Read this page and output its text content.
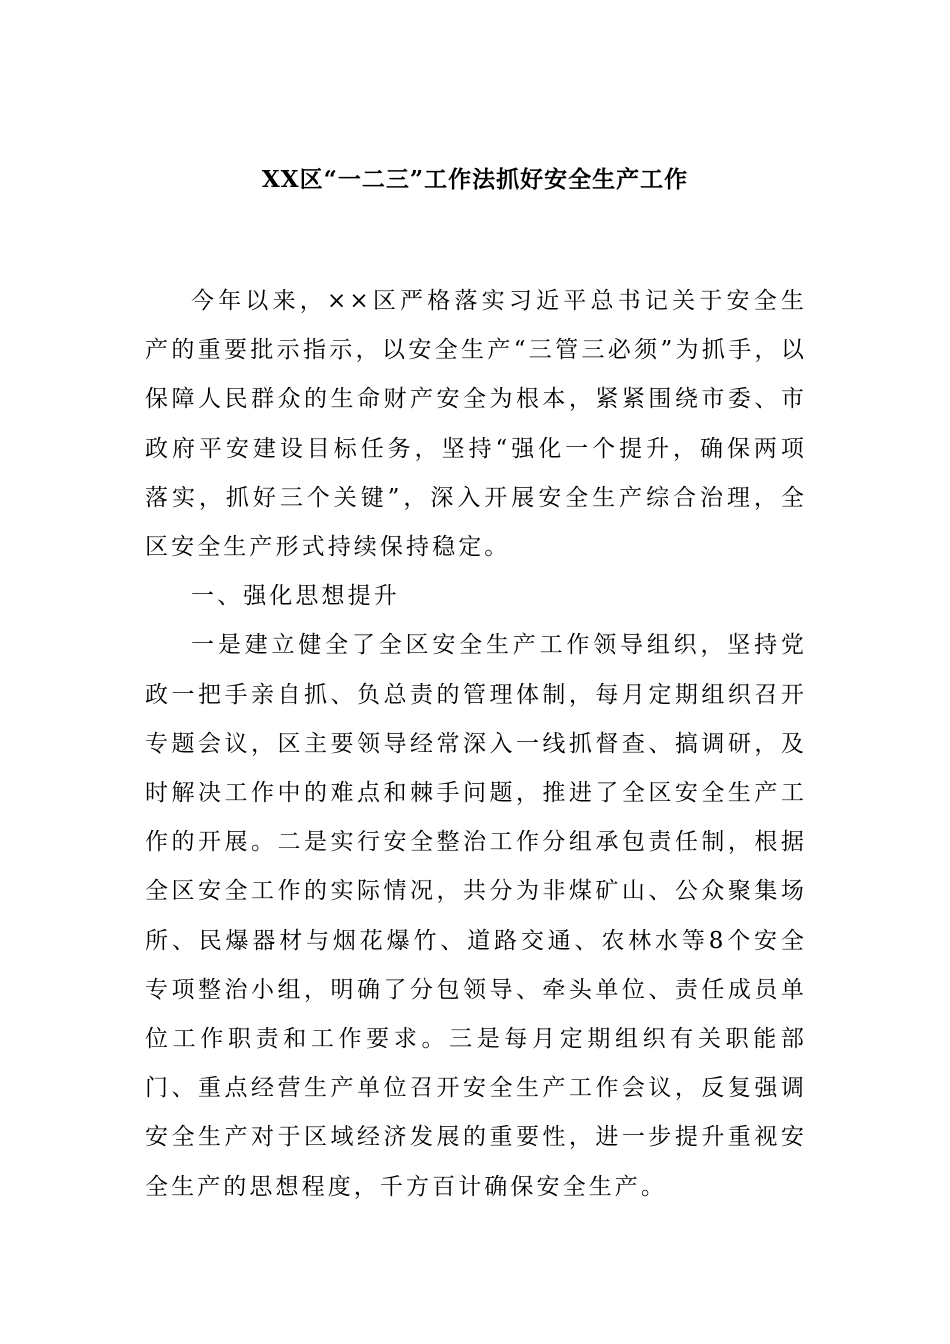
XX区“一二三”工作法抓好安全生产工作

今年以来，××区严格落实习近平总书记关于安全生产的重要批示指示，以安全生产“三管三必须”为抓手，以保障人民群众的生命财产安全为根本，紧紧围绕市委、市政府平安建设目标任务，坚持“强化一个提升，确保两项落实，抓好三个关键”，深入开展安全生产综合治理，全区安全生产形式持续保持稳定。

一、强化思想提升

一是建立健全了全区安全生产工作领导组织，坚持党政一把手亲自抓、负总责的管理体制，每月定期组织召开专题会议，区主要领导经常深入一线抓督查、搞调研，及时解决工作中的难点和棘手问题，推进了全区安全生产工作的开展。二是实行安全整治工作分组承包责任制，根据全区安全工作的实际情况，共分为非煤矿山、公众聚集场所、民爆器材与烟花爆竹、道路交通、农林水等8个安全专项整治小组，明确了分包领导、牵头单位、责任成员单位工作职责和工作要求。三是每月定期组织有关职能部门、重点经营生产单位召开安全生产工作会议，反复强调安全生产对于区域经济发展的重要性，进一步提升重视安全生产的思想程度，千方百计确保安全生产。
